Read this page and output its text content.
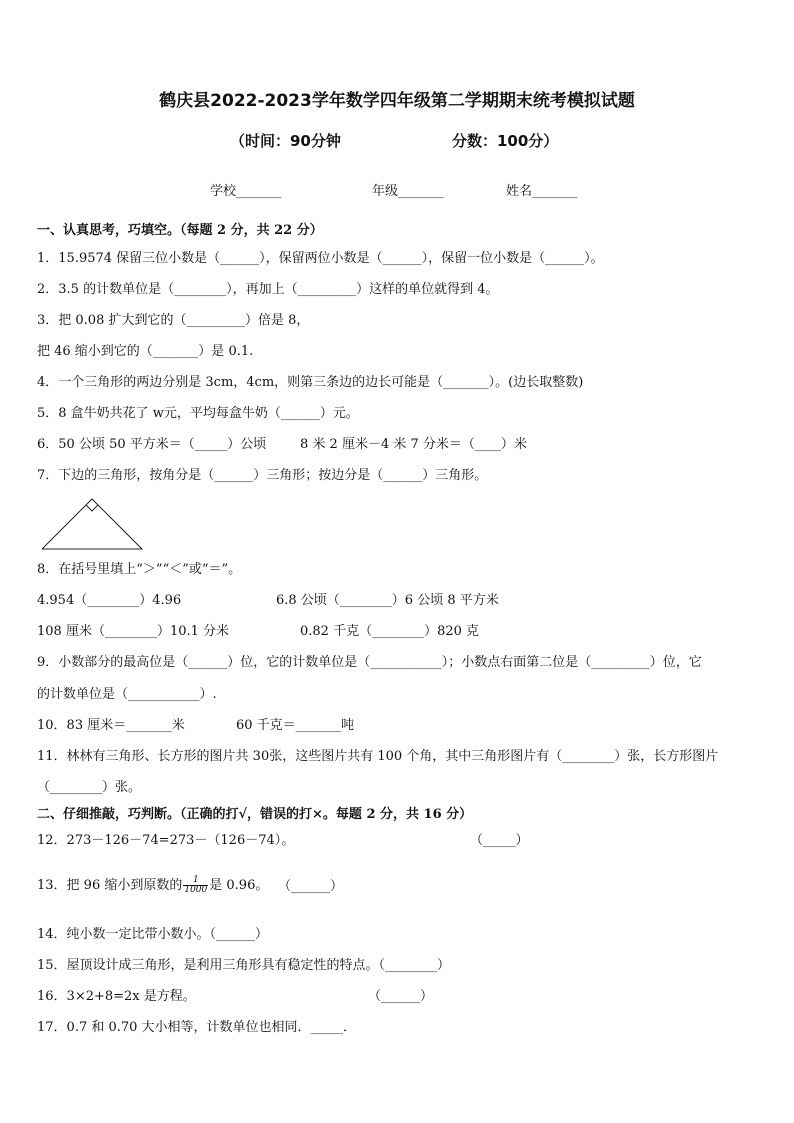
鹤庆县2022-2023学年数学四年级第二学期期末统考模拟试题
（时间：90分钟	分数：100分）
学校_______	年级_______	姓名_______
一、认真思考，巧填空。（每题 2 分，共 22 分）
1．15.9574 保留三位小数是（______），保留两位小数是（______），保留一位小数是（______）。
2．3.5 的计数单位是（________），再加上（_________）这样的单位就得到 4。
3．把 0.08 扩大到它的（_________）倍是 8，
把 46 缩小到它的（_______）是 0.1.
4．一个三角形的两边分别是 3cm，4cm，则第三条边的边长可能是（_______）。(边长取整数)
5．8 盒牛奶共花了 w元，平均每盒牛奶（______）元。
6．50 公顷 50 平方米＝（_____）公顷	8 米 2 厘米－4 米 7 分米＝（____）米
7．下边的三角形，按角分是（______）三角形；按边分是（______）三角形。
8．在括号里填上“＞”“＜”或“＝”。
4.954（________）4.96	6.8 公顷（________）6 公顷 8 平方米
108 厘米（________）10.1 分米	0.82 千克（________）820 克
9．小数部分的最高位是（______）位，它的计数单位是（___________）；小数点右面第二位是（_________）位，它
的计数单位是（___________）.
10．83 厘米＝_______米	60 千克＝_______吨
11．林林有三角形、长方形的图片共 30张，这些图片共有 100 个角，其中三角形图片有（________）张，长方形图片
（________）张。
二、仔细推敲，巧判断。（正确的打√，错误的打×。每题 2 分，共 16 分）
12．273－126－74=273－（126－74）。	（_____）
13．把 96 缩小到原数的 $\frac{1}{1000}$ 是 0.96。 （______）
14．纯小数一定比带小数小。（______）
15．屋顶设计成三角形，是利用三角形具有稳定性的特点。（________）
16．3×2+8=2x 是方程。	（______）
17．0.7 和 0.70 大小相等，计数单位也相同．_____．
